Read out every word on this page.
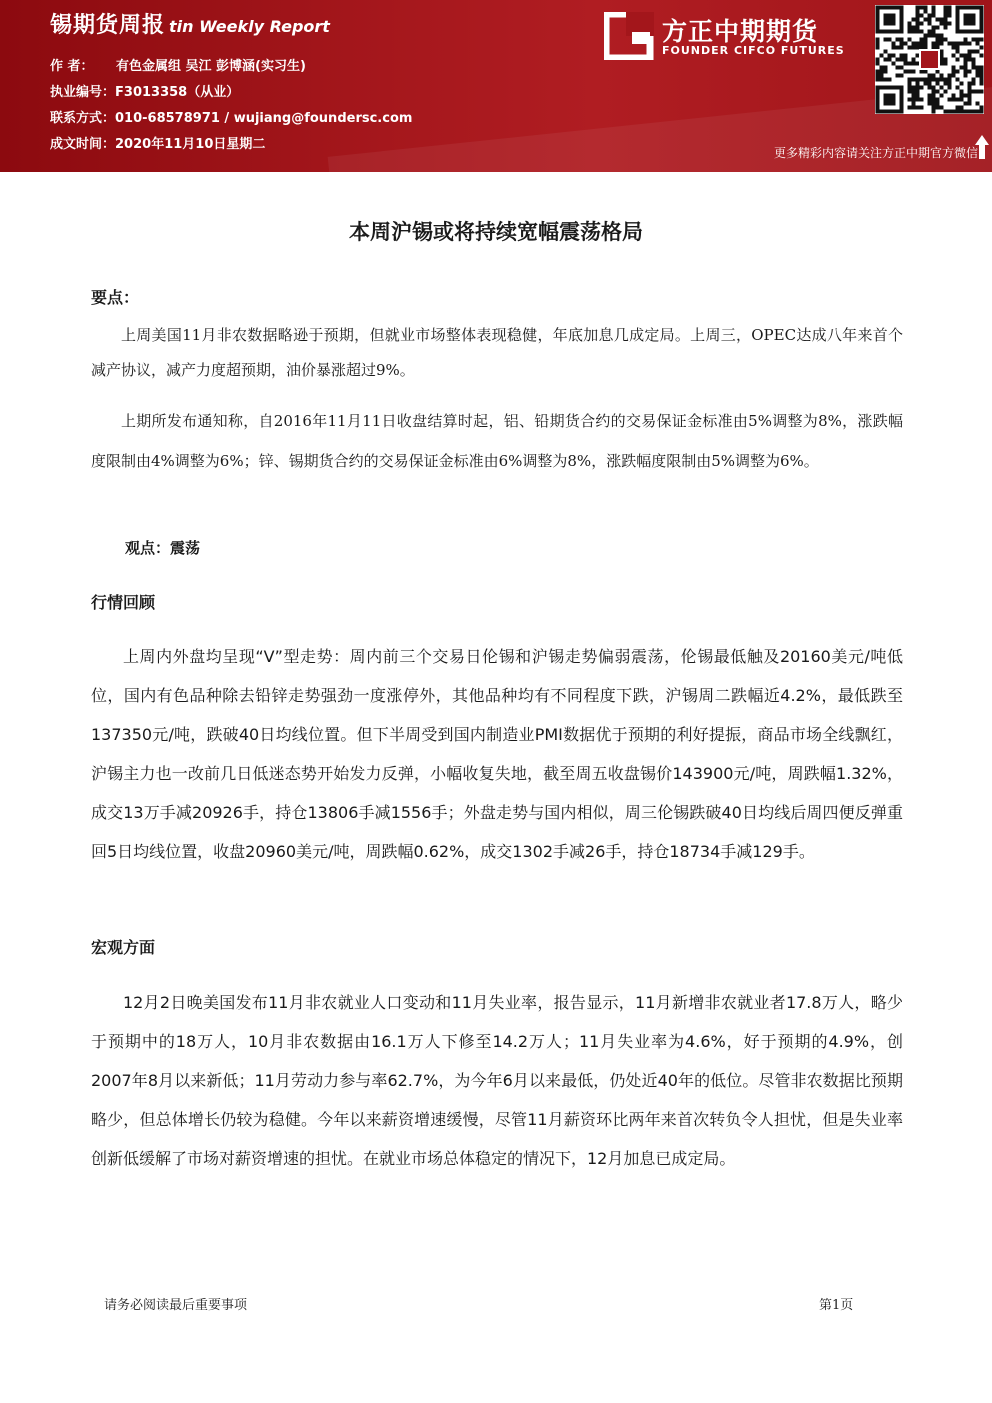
锡期货周报 tin Weekly Report
作 者： 有色金属组 吴江 彭博涵(实习生)
执业编号：F3013358（从业）
联系方式：010-68578971 / wujiang@foundersc.com
成文时间：2020年11月10日星期二
方正中期期货
FOUNDER CIFCO FUTURES
更多精彩内容请关注方正中期官方微信
本周沪锡或将持续宽幅震荡格局
要点：

上周美国11月非农数据略逊于预期，但就业市场整体表现稳健，年底加息几成定局。上周三，OPEC达成八年来首个减产协议，减产力度超预期，油价暴涨超过9%。

上期所发布通知称，自2016年11月11日收盘结算时起，铝、铅期货合约的交易保证金标准由5%调整为8%，涨跌幅度限制由4%调整为6%；锌、锡期货合约的交易保证金标准由6%调整为8%，涨跌幅度限制由5%调整为6%。

观点：震荡
行情回顾

上周内外盘均呈现“V”型走势：周内前三个交易日伦锡和沪锡走势偏弱震荡，伦锡最低触及20160美元/吨低位，国内有色品种除去铅锌走势强劲一度涨停外，其他品种均有不同程度下跌，沪锡周二跌幅近4.2%，最低跌至137350元/吨，跌破40日均线位置。但下半周受到国内制造业PMI数据优于预期的利好提振，商品市场全线飘红，沪锡主力也一改前几日低迷态势开始发力反弹，小幅收复失地，截至周五收盘锡价143900元/吨，周跌幅1.32%，成交13万手减20926手，持仓13806手减1556手；外盘走势与国内相似，周三伦锡跌破40日均线后周四便反弹重回5日均线位置，收盘20960美元/吨，周跌幅0.62%，成交1302手减26手，持仓18734手减129手。

宏观方面

12月2日晚美国发布11月非农就业人口变动和11月失业率，报告显示，11月新增非农就业者17.8万人，略少于预期中的18万人，10月非农数据由16.1万人下修至14.2万人；11月失业率为4.6%，好于预期的4.9%，创2007年8月以来新低；11月劳动力参与率62.7%，为今年6月以来最低，仍处近40年的低位。尽管非农数据比预期略少，但总体增长仍较为稳健。今年以来薪资增速缓慢，尽管11月薪资环比两年来首次转负令人担忧，但是失业率创新低缓解了市场对薪资增速的担忧。在就业市场总体稳定的情况下，12月加息已成定局。

请务必阅读最后重要事项	第1页
